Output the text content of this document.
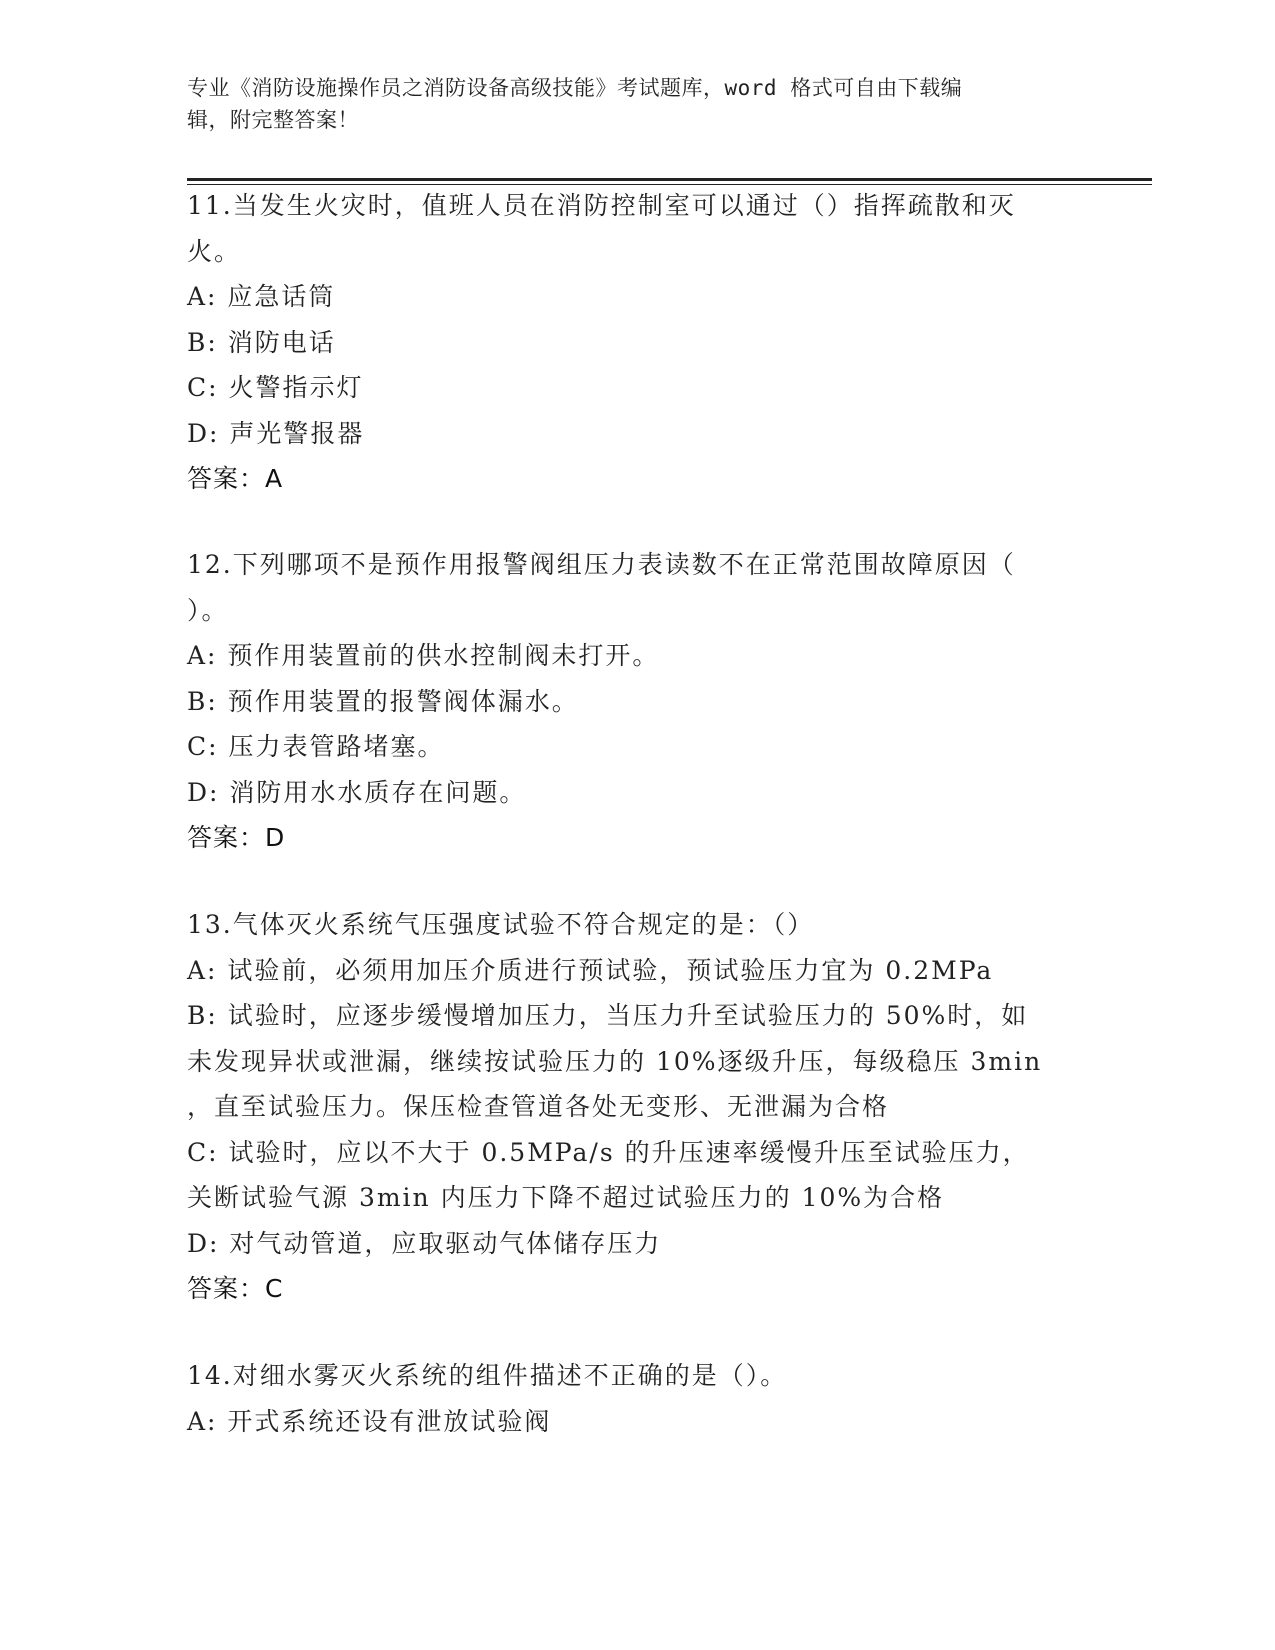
专业《消防设施操作员之消防设备高级技能》考试题库，word 格式可自由下载编
辑，附完整答案！
11.当发生火灾时，值班人员在消防控制室可以通过（）指挥疏散和灭
火。
A: 应急话筒
B: 消防电话
C: 火警指示灯
D: 声光警报器
答案：A
12.下列哪项不是预作用报警阀组压力表读数不在正常范围故障原因（
）。
A: 预作用装置前的供水控制阀未打开。
B: 预作用装置的报警阀体漏水。
C: 压力表管路堵塞。
D: 消防用水水质存在问题。
答案：D
13.气体灭火系统气压强度试验不符合规定的是：（）
A: 试验前，必须用加压介质进行预试验，预试验压力宜为 0.2MPa
B: 试验时，应逐步缓慢增加压力，当压力升至试验压力的 50%时，如
未发现异状或泄漏，继续按试验压力的 10%逐级升压，每级稳压 3min
，直至试验压力。保压检查管道各处无变形、无泄漏为合格
C: 试验时，应以不大于 0.5MPa/s 的升压速率缓慢升压至试验压力，
关断试验气源 3min 内压力下降不超过试验压力的 10%为合格
D: 对气动管道，应取驱动气体储存压力
答案：C
14.对细水雾灭火系统的组件描述不正确的是（）。
A: 开式系统还设有泄放试验阀
